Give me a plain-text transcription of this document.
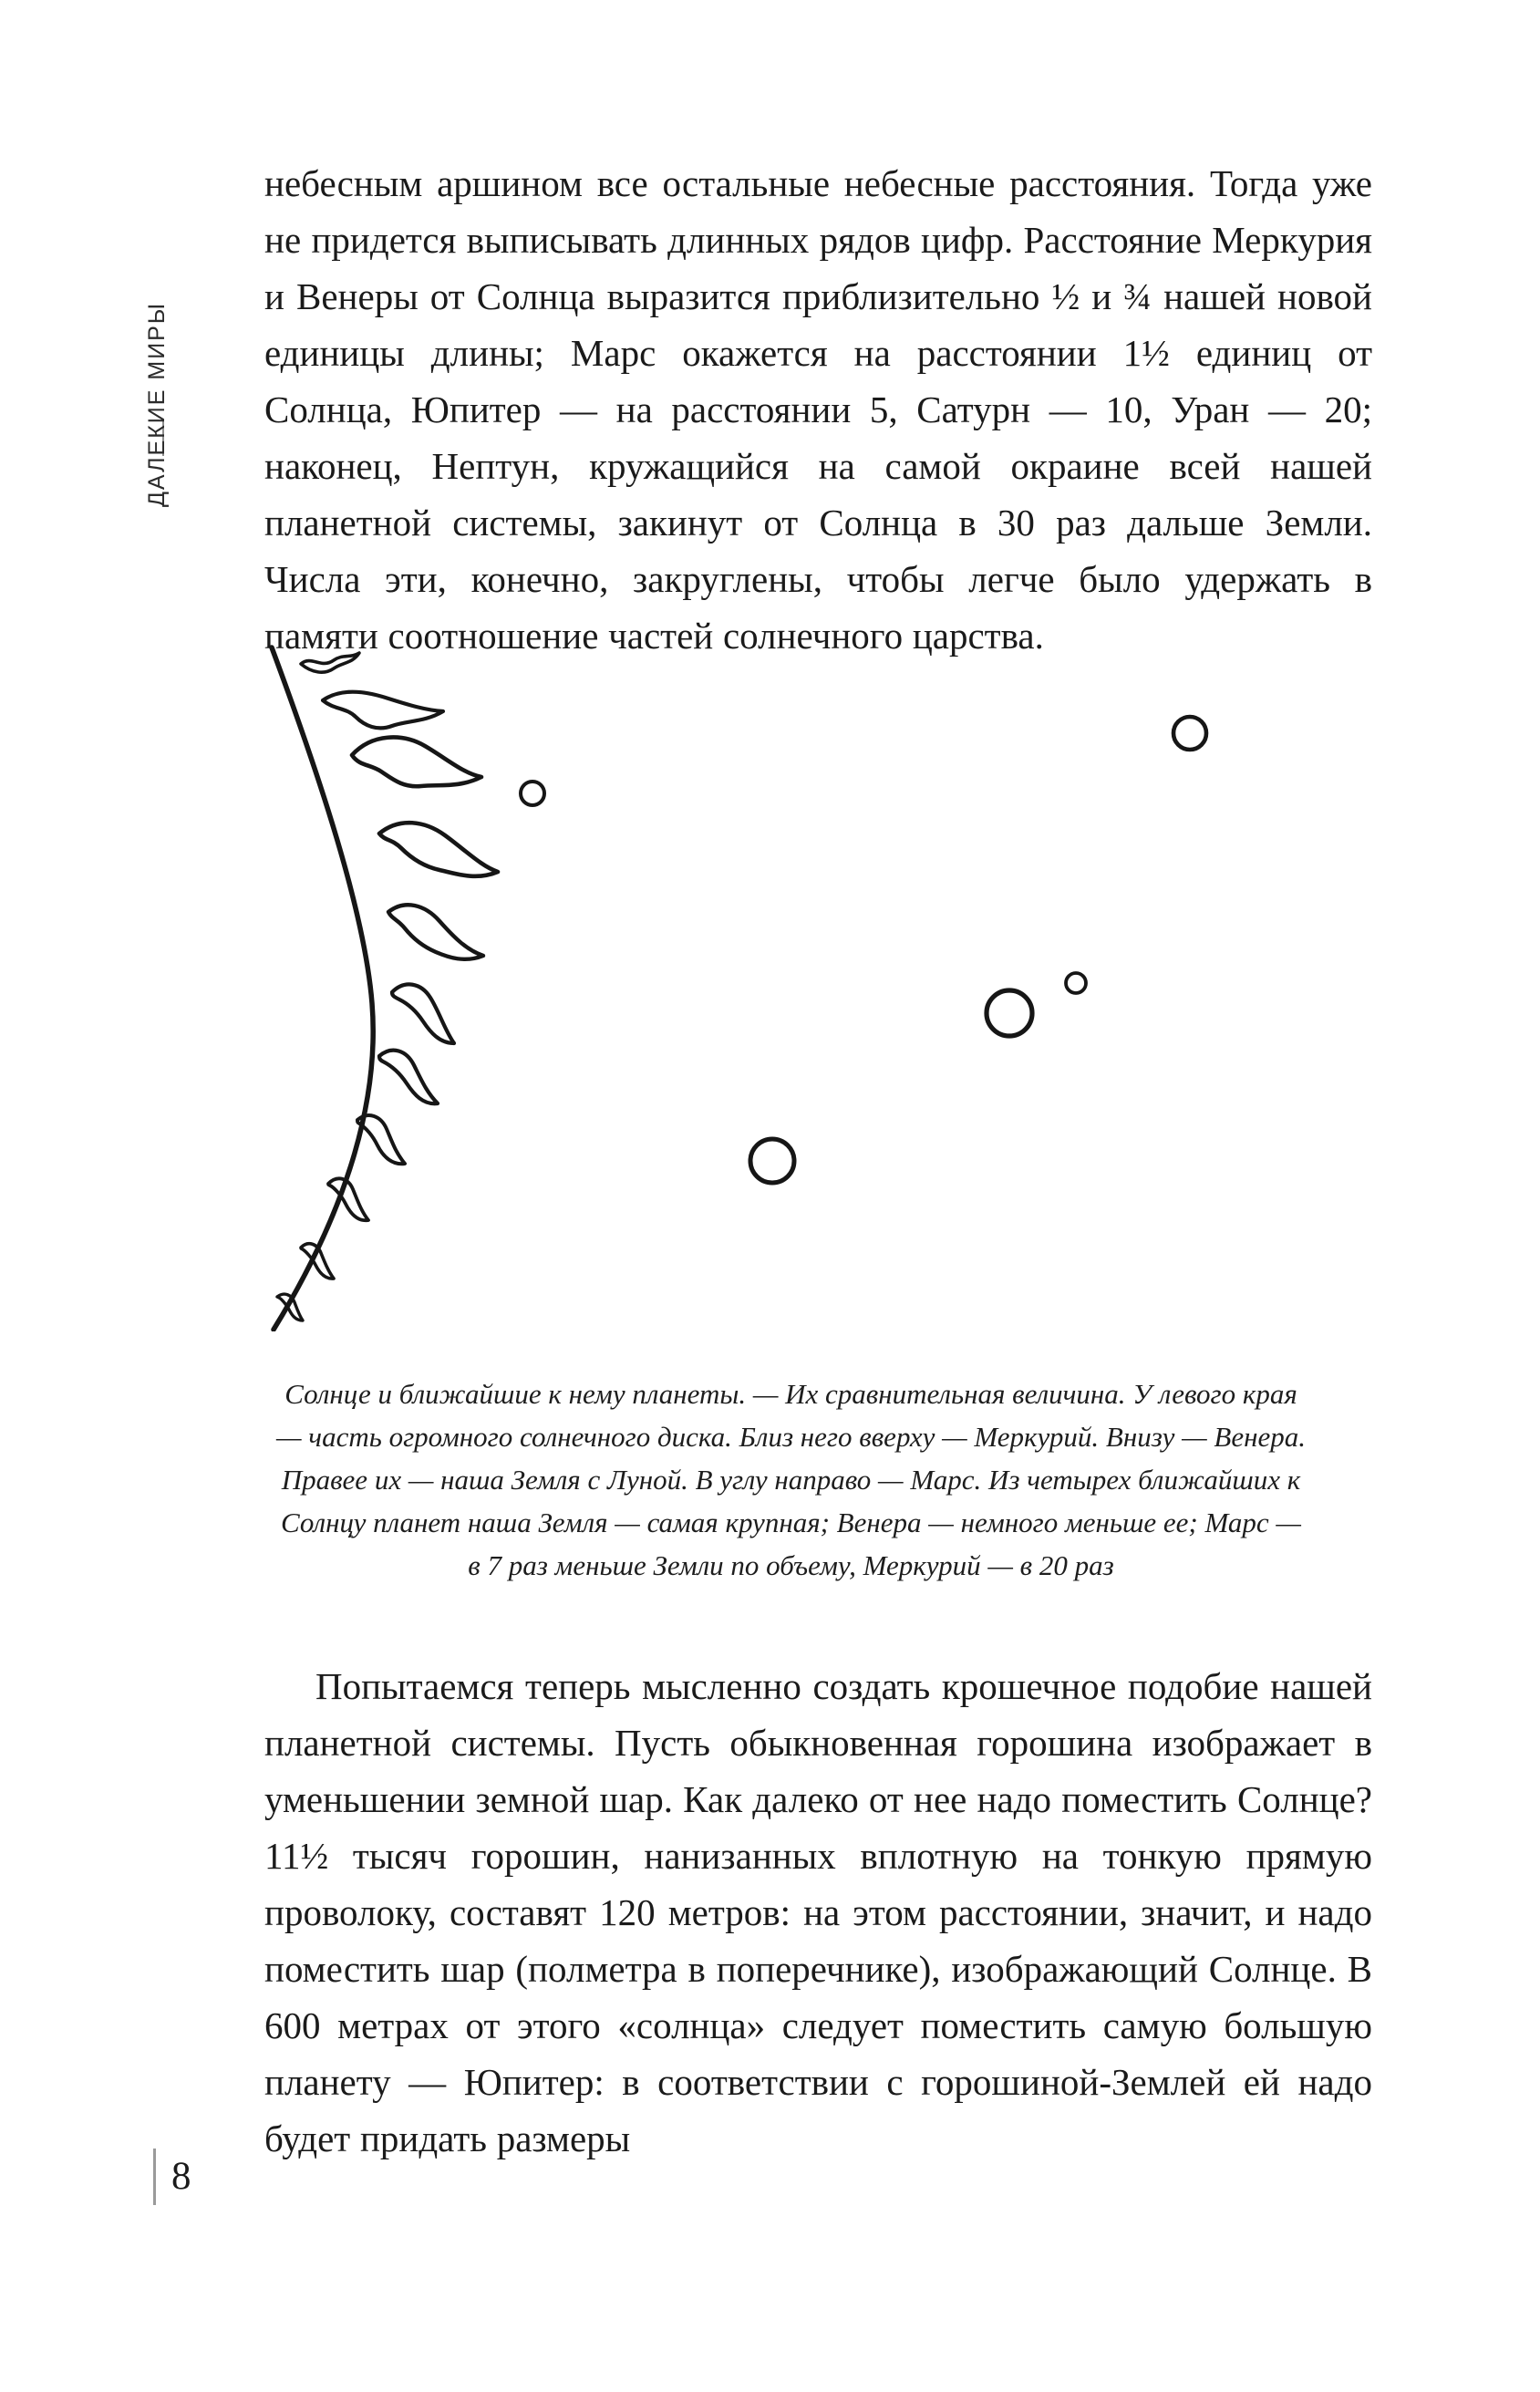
ДАЛЕКИЕ МИРЫ

небесным аршином все остальные небесные расстояния. Тогда уже не придется выписывать длинных рядов цифр. Расстояние Меркурия и Венеры от Солнца выразится приблизительно ½ и ¾ нашей новой единицы длины; Марс окажется на расстоянии 1½ единиц от Солнца, Юпитер — на расстоянии 5, Сатурн — 10, Уран — 20; наконец, Нептун, кружащийся на самой окраине всей нашей планетной системы, закинут от Солнца в 30 раз дальше Земли. Числа эти, конечно, закруглены, чтобы легче было удержать в памяти соотношение частей солнечного царства.

Солнце и ближайшие к нему планеты. — Их сравнительная величина. У левого края — часть огромного солнечного диска. Близ него вверху — Меркурий. Внизу — Венера. Правее их — наша Земля с Луной. В углу направо — Марс. Из четырех ближайших к Солнцу планет наша Земля — самая крупная; Венера — немного меньше ее; Марс — в 7 раз меньше Земли по объему, Меркурий — в 20 раз

Попытаемся теперь мысленно создать крошечное подобие нашей планетной системы. Пусть обыкновенная горошина изображает в уменьшении земной шар. Как далеко от нее надо поместить Солнце? 11½ тысяч горошин, нанизанных вплотную на тонкую прямую проволоку, составят 120 метров: на этом расстоянии, значит, и надо поместить шар (полметра в поперечнике), изображающий Солнце. В 600 метрах от этого «солнца» следует поместить самую большую планету — Юпитер: в соответствии с горошиной-Землей ей надо будет придать размеры

8
